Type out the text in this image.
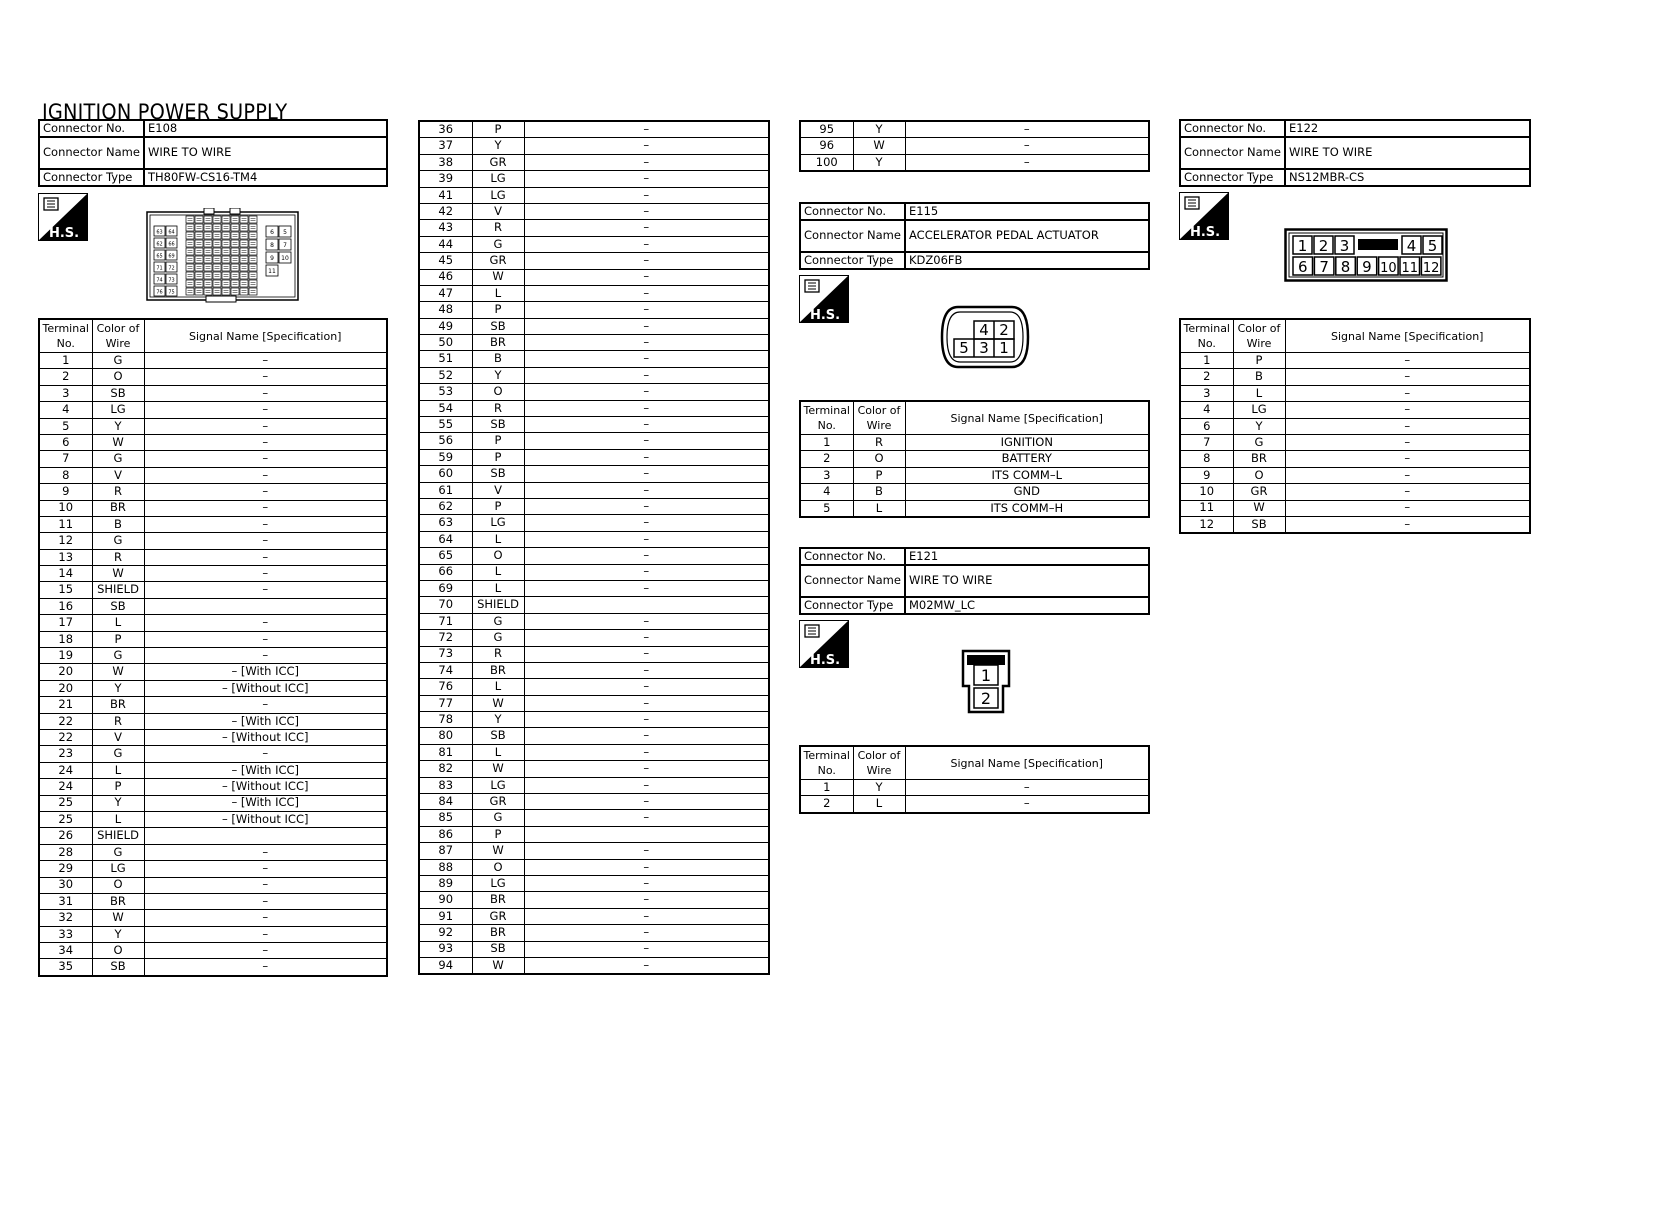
IGNITION POWER SUPPLY
Connector No.	E108
Connector Name	WIRE TO WIRE
Connector Type	TH80FW-CS16-TM4
H.S.	63 64
62 66
65 69
71 72
74 73
76 75
6 5
8 7
9 10
11
Terminal No.	Color of Wire	Signal Name [Specification]
1	G	–
2	O	–
3	SB	–
4	LG	–
5	Y	–
6	W	–
7	G	–
8	V	–
9	R	–
10	BR	–
11	B	–
12	G	–
13	R	–
14	W	–
15	SHIELD	–
16	SB	
17	L	–
18	P	–
19	G	–
20	W	– [With ICC]
20	Y	– [Without ICC]
21	BR	–
22	R	– [With ICC]
22	V	– [Without ICC]
23	G	–
24	L	– [With ICC]
24	P	– [Without ICC]
25	Y	– [With ICC]
25	L	– [Without ICC]
26	SHIELD	
28	G	–
29	LG	–
30	O	–
31	BR	–
32	W	–
33	Y	–
34	O	–
35	SB	–
36	P	–
37	Y	–
38	GR	–
39	LG	–
41	LG	–
42	V	–
43	R	–
44	G	–
45	GR	–
46	W	–
47	L	–
48	P	–
49	SB	–
50	BR	–
51	B	–
52	Y	–
53	O	–
54	R	–
55	SB	–
56	P	–
59	P	–
60	SB	–
61	V	–
62	P	–
63	LG	–
64	L	–
65	O	–
66	L	–
69	L	–
70	SHIELD	
71	G	–
72	G	–
73	R	–
74	BR	–
76	L	–
77	W	–
78	Y	–
80	SB	–
81	L	–
82	W	–
83	LG	–
84	GR	–
85	G	–
86	P	
87	W	–
88	O	–
89	LG	–
90	BR	–
91	GR	–
92	BR	–
93	SB	–
94	W	–
95	Y	–
96	W	–
100	Y	–
Connector No.	E115
Connector Name	ACCELERATOR PEDAL ACTUATOR
Connector Type	KDZ06FB
H.S.
4 2
5 3 1
Terminal No.	Color of Wire	Signal Name [Specification]
1	R	IGNITION
2	O	BATTERY
3	P	ITS COMM–L
4	B	GND
5	L	ITS COMM–H
Connector No.	E121
Connector Name	WIRE TO WIRE
Connector Type	M02MW_LC
H.S.
1
2
Terminal No.	Color of Wire	Signal Name [Specification]
1	Y	–
2	L	–
Connector No.	E122
Connector Name	WIRE TO WIRE
Connector Type	NS12MBR-CS
H.S.
1 2 3	4 5
6 7 8 9 10 11 12
Terminal No.	Color of Wire	Signal Name [Specification]
1	P	–
2	B	–
3	L	–
4	LG	–
6	Y	–
7	G	–
8	BR	–
9	O	–
10	GR	–
11	W	–
12	SB	–
